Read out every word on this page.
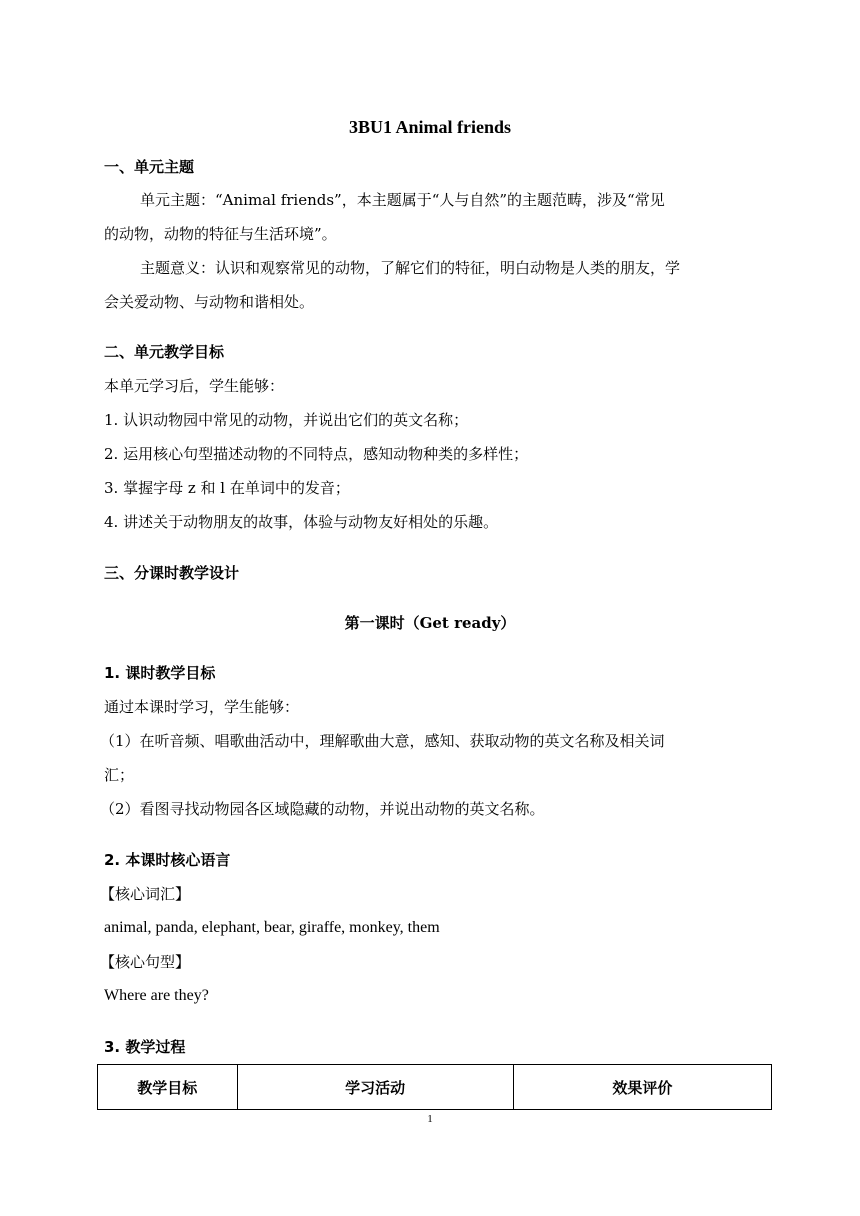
3BU1 Animal friends
一、单元主题
单元主题：“Animal friends”，本主题属于“人与自然”的主题范畴，涉及“常见
的动物，动物的特征与生活环境”。
主题意义：认识和观察常见的动物，了解它们的特征，明白动物是人类的朋友，学
会关爱动物、与动物和谐相处。
二、单元教学目标
本单元学习后，学生能够：
1. 认识动物园中常见的动物，并说出它们的英文名称；
2. 运用核心句型描述动物的不同特点，感知动物种类的多样性；
3. 掌握字母 z 和 l 在单词中的发音；
4. 讲述关于动物朋友的故事，体验与动物友好相处的乐趣。
三、分课时教学设计
第一课时（Get ready）
1. 课时教学目标
通过本课时学习，学生能够：
（1）在听音频、唱歌曲活动中，理解歌曲大意，感知、获取动物的英文名称及相关词
汇；
（2）看图寻找动物园各区域隐藏的动物，并说出动物的英文名称。
2. 本课时核心语言
【核心词汇】
animal, panda, elephant, bear, giraffe, monkey, them
【核心句型】
Where are they?
3. 教学过程
教学目标	学习活动	效果评价
1
